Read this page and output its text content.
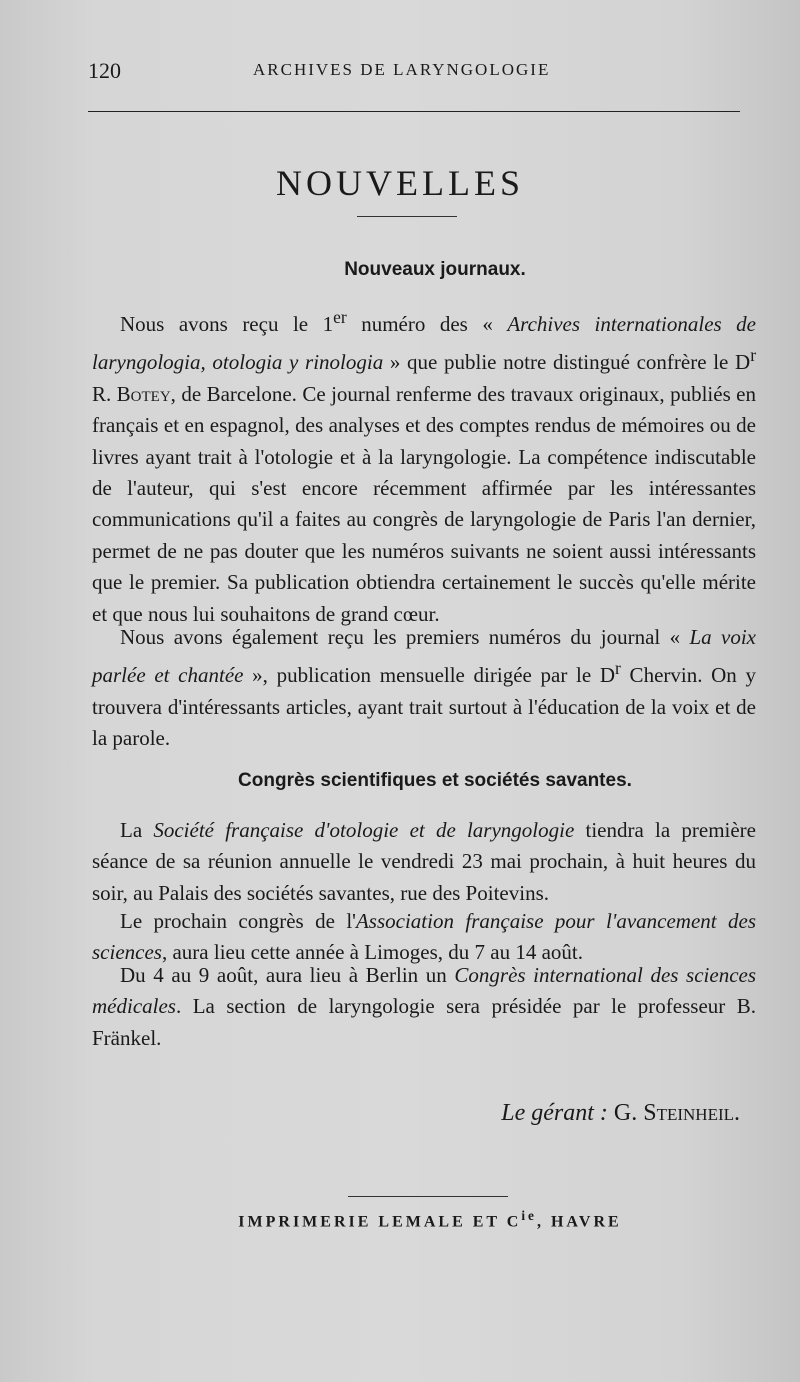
120	ARCHIVES DE LARYNGOLOGIE
NOUVELLES
Nouveaux journaux.

Nous avons reçu le 1er numéro des « Archives internationales de laryngologia, otologia y rinologia » que publie notre distingué confrère le $D^r$ R. Botey, de Barcelone. Ce journal renferme des travaux originaux, publiés en français et en espagnol, des analyses et des comptes rendus de mémoires ou de livres ayant trait à l'otologie et à la laryngologie. La compétence indiscutable de l'auteur, qui s'est encore récemment affirmée par les intéressantes communications qu'il a faites au congrès de laryngologie de Paris l'an dernier, permet de ne pas douter que les numéros suivants ne soient aussi intéressants que le premier. Sa publication obtiendra certainement le succès qu'elle mérite et que nous lui souhaitons de grand cœur.

Nous avons également reçu les premiers numéros du journal « La voix parlée et chantée », publication mensuelle dirigée par le $D^r$ Chervin. On y trouvera d'intéressants articles, ayant trait surtout à l'éducation de la voix et de la parole.

Congrès scientifiques et sociétés savantes.

La Société française d'otologie et de laryngologie tiendra la première séance de sa réunion annuelle le vendredi 23 mai prochain, à huit heures du soir, au Palais des sociétés savantes, rue des Poitevins.

Le prochain congrès de l'Association française pour l'avancement des sciences, aura lieu cette année à Limoges, du 7 au 14 août.

Du 4 au 9 août, aura lieu à Berlin un Congrès international des sciences médicales. La section de laryngologie sera présidée par le professeur B. Fränkel.

Le gérant : G. Steinheil.
IMPRIMERIE LEMALE ET $C^{ie}$, HAVRE
